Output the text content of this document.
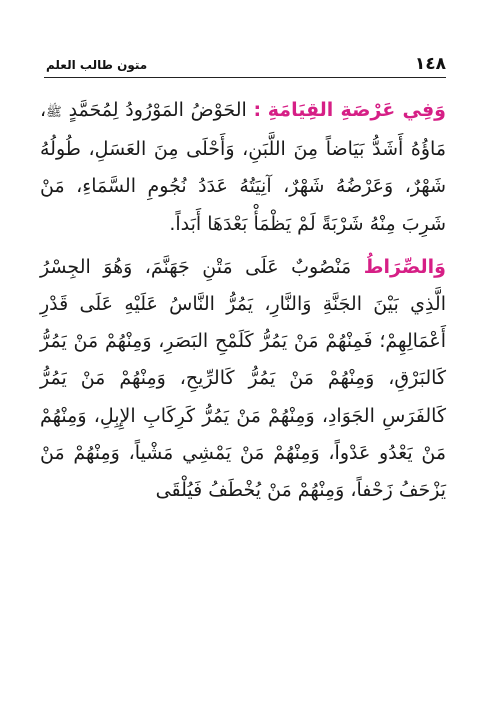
١٤٨
متون طالب العلم

وَفِي عَرْصَةِ القِيَامَةِ : الحَوْضُ المَوْرُودُ لِمُحَمَّدٍ ﷺ، مَاؤُهُ أَشَدُّ بَيَاضاً مِنَ اللَّبَنِ، وَأَحْلَى مِنَ العَسَلِ، طُولُهُ شَهْرٌ، وَعَرْضُهُ شَهْرٌ، آنِيَتُهُ عَدَدُ نُجُومِ السَّمَاءِ، مَنْ شَرِبَ مِنْهُ شَرْبَةً لَمْ يَظْمَأْ بَعْدَهَا أَبَداً.

وَالصِّرَاطُ مَنْصُوبٌ عَلَى مَتْنِ جَهَنَّمَ، وَهُوَ الجِسْرُ الَّذِي بَيْنَ الجَنَّةِ وَالنَّارِ، يَمُرُّ النَّاسُ عَلَيْهِ عَلَى قَدْرِ أَعْمَالِهِمْ؛ فَمِنْهُمْ مَنْ يَمُرُّ كَلَمْحِ البَصَرِ، وَمِنْهُمْ مَنْ يَمُرُّ كَالبَرْقِ، وَمِنْهُمْ مَنْ يَمُرُّ كَالرِّيحِ، وَمِنْهُمْ مَنْ يَمُرُّ كَالفَرَسِ الجَوَادِ، وَمِنْهُمْ مَنْ يَمُرُّ كَرِكَابِ الإِبِلِ، وَمِنْهُمْ مَنْ يَعْدُو عَدْواً، وَمِنْهُمْ مَنْ يَمْشِي مَشْياً، وَمِنْهُمْ مَنْ يَزْحَفُ زَحْفاً، وَمِنْهُمْ مَنْ يُخْطَفُ فَيُلْقَى
